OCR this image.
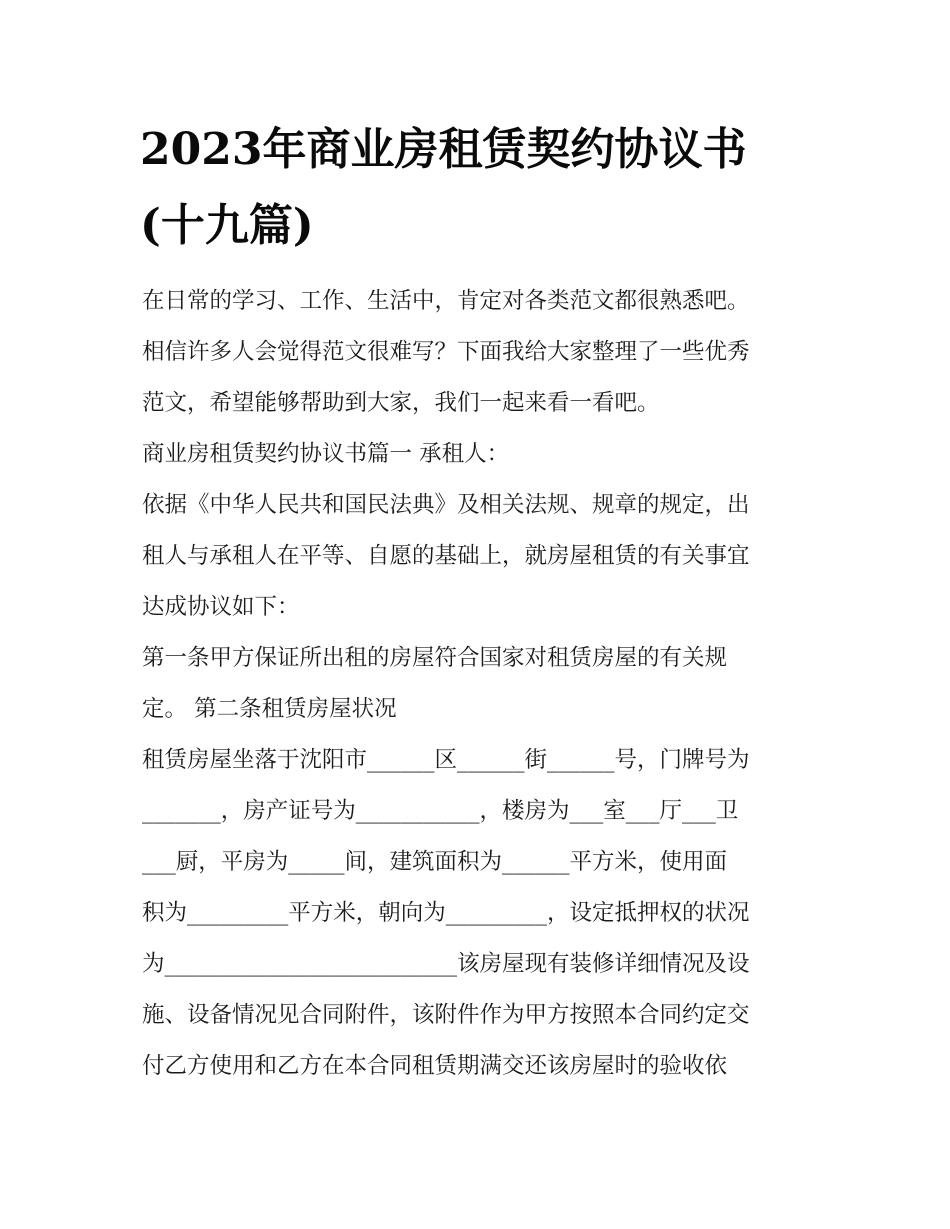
2023年商业房租赁契约协议书
(十九篇)
在日常的学习、工作、生活中，肯定对各类范文都很熟悉吧。
相信许多人会觉得范文很难写？下面我给大家整理了一些优秀
范文，希望能够帮助到大家，我们一起来看一看吧。
商业房租赁契约协议书篇一 承租人：
依据《中华人民共和国民法典》及相关法规、规章的规定，出
租人与承租人在平等、自愿的基础上，就房屋租赁的有关事宜
达成协议如下：
第一条甲方保证所出租的房屋符合国家对租赁房屋的有关规
定。 第二条租赁房屋状况
租赁房屋坐落于沈阳市______区______街______号，门牌号为
_______，房产证号为___________，楼房为___室___厅___卫
___厨，平房为_____间，建筑面积为______平方米，使用面
积为_________平方米，朝向为_________，设定抵押权的状况
为__________________________该房屋现有装修详细情况及设
施、设备情况见合同附件，该附件作为甲方按照本合同约定交
付乙方使用和乙方在本合同租赁期满交还该房屋时的验收依
